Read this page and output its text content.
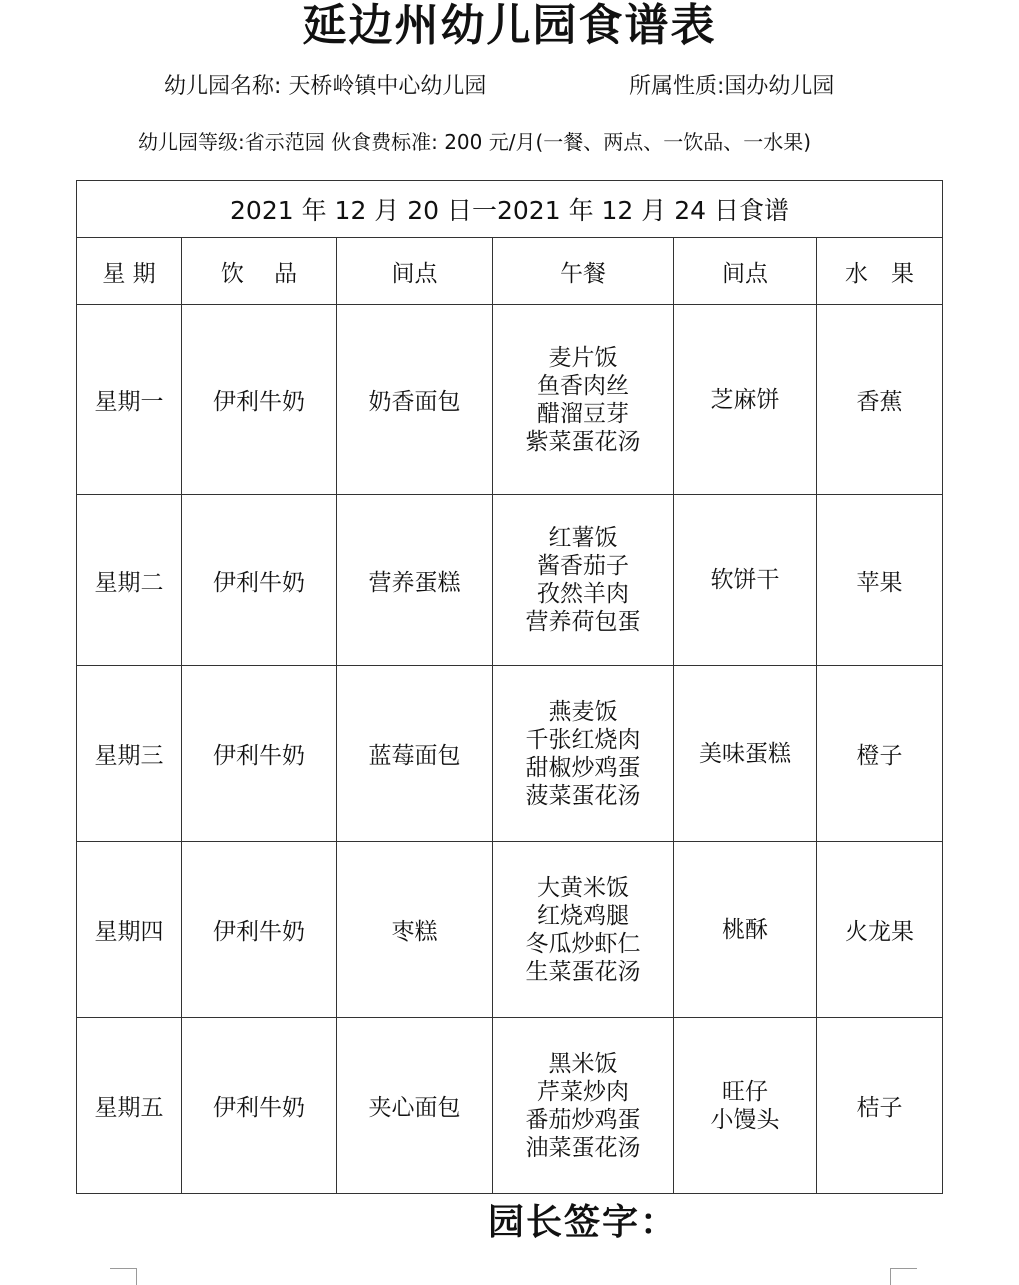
延边州幼儿园食谱表
幼儿园名称: 天桥岭镇中心幼儿园	所属性质:国办幼儿园
幼儿园等级:省示范园 伙食费标准: 200 元/月(一餐、两点、一饮品、一水果)
2021 年 12 月 20 日一2021 年 12 月 24 日食谱					
星 期	饮　 品	间点	午餐	间点	水　果
星期一	伊利牛奶	奶香面包	麦片饭
鱼香肉丝
醋溜豆芽
紫菜蛋花汤	芝麻饼	香蕉
星期二	伊利牛奶	营养蛋糕	红薯饭
酱香茄子
孜然羊肉
营养荷包蛋	软饼干	苹果
星期三	伊利牛奶	蓝莓面包	燕麦饭
千张红烧肉
甜椒炒鸡蛋
菠菜蛋花汤	美味蛋糕	橙子
星期四	伊利牛奶	枣糕	大黄米饭
红烧鸡腿
冬瓜炒虾仁
生菜蛋花汤	桃酥	火龙果
星期五	伊利牛奶	夹心面包	黑米饭
芹菜炒肉
番茄炒鸡蛋
油菜蛋花汤	旺仔
小馒头	桔子
园长签字：
